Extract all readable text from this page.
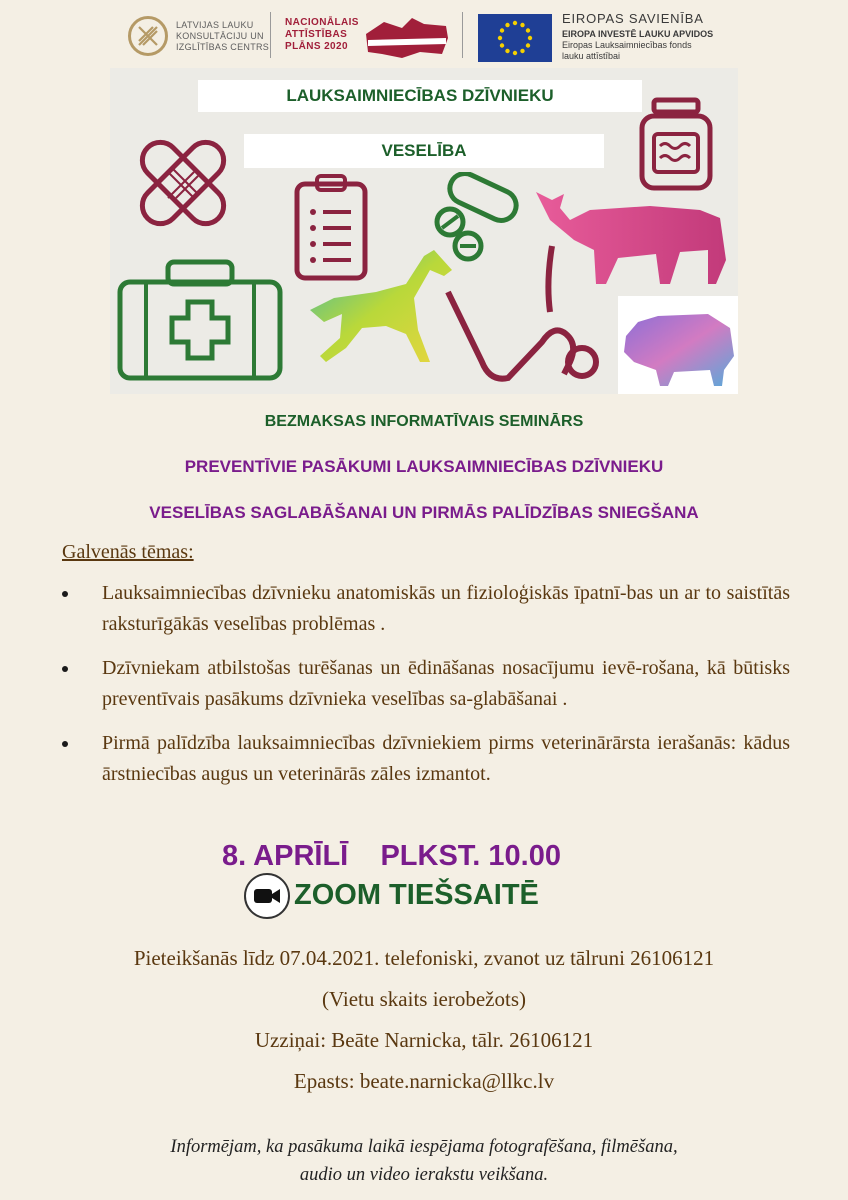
LATVIJAS LAUKU
KONSULTĀCIJU UN
IZGLĪTĪBAS CENTRS
NACIONĀLAIS
ATTĪSTĪBAS
PLĀNS 2020
EIROPAS SAVIENĪBA
EIROPA INVESTĒ LAUKU APVIDOS
Eiropas Lauksaimniecības fonds
lauku attīstībai
LAUKSAIMNIECĪBAS DZĪVNIEKU
VESELĪBA
BEZMAKSAS INFORMATĪVAIS SEMINĀRS
PREVENTĪVIE PASĀKUMI LAUKSAIMNIECĪBAS DZĪVNIEKU
VESELĪBAS SAGLABĀŠANAI UN PIRMĀS PALĪDZĪBAS SNIEGŠANA
Galvenās tēmas:
Lauksaimniecības dzīvnieku anatomiskās un fizioloģiskās īpatnī-bas un ar to saistītās raksturīgākās veselības problēmas .
Dzīvniekam atbilstošas turēšanas un ēdināšanas nosacījumu ievē-rošana, kā būtisks preventīvais pasākums dzīvnieka veselības sa-glabāšanai .
Pirmā palīdzība lauksaimniecības dzīvniekiem pirms veterinārārsta ierašanās: kādus ārstniecības augus un veterinārās zāles izmantot.
8. APRĪLĪ PLKST. 10.00
ZOOM TIEŠSAITĒ
Pieteikšanās līdz 07.04.2021. telefoniski, zvanot uz tālruni 26106121
(Vietu skaits ierobežots)
Uzziņai: Beāte Narnicka, tālr. 26106121
Epasts: beate.narnicka@llkc.lv
Informējam, ka pasākuma laikā iespējama fotografēšana, filmēšana,
audio un video ierakstu veikšana.
